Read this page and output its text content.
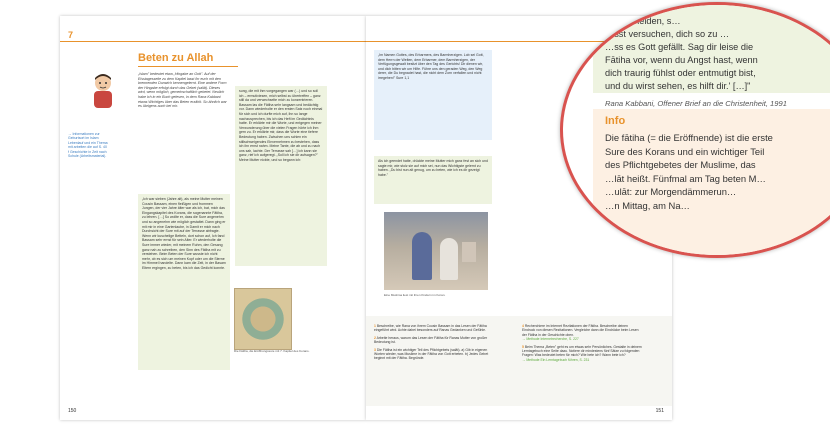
7
Beten zu Allah
„Islam" bedeutet etwa „Hingabe an Gott". Auf der Eisstagesseite zu dem Kapitel lasst ihr euch mit den brennenden Dunwich kennengelernt. Eine andere Form der Hingabe erfolgt durch das Gebet (salāt). Dieses wird, wenn möglich, gemeinschaftlich gebetet. Neulich habe ich in ein Buch gelesen, in dem Rana Kabbani etwas Wichtiges über das Beten erzählt. So ähnlich war es übrigens auch bei mir.
→ Informationen zur Geburtsort im Islam Lebenlauf und ein Thema mit arbeiten die auf S. 40 f Geschichte in Zeit nach Schule (Arbeitsmaterial).

„Ich war sieben (Jahre alt), als meine Mutter meinen Cousin Bassam, einen fleißigen und frommen Jungen, der vier Jahre älter war als ich, bat, mich das Eingangskapitel des Korans, die sogenannte Fātiha, zu lehren. […] So wollte er, dass die Sure angenehm und so angenehm wie möglich gestaltet. Dann ging er mit mir in eine Gartenlaube, in Damit er mich nach Durchsicht der Sure mit auf der Terrasse abfragte. Wenn wir kuschelige Betteln, dort schon auf, Ich fand Bassam sehr ernst für sein Alter. Er wiederholte die Sure immer wieder, mit meinem Ruhm, den Gesang ganz nah zu schreiben, den Sinn des Fātiha mit zu verstehen. Beim Beten der Sure wusste ich nicht mehr, ob es sich um meinen Kopf oder um die Sterne im Himmel handelte. Dann kam die Zeit, in der Basam Eltern ergingen, zu beten, bis ich das Gedicht konnte.

sung, die mit ihm vorgegangen war (…) und so soll ich – ermutiviesen, mich selbst zu übertreffen – ganz still da und verwechselte mich zu konzentrieren. Bassam las die Fātiha sehr langsam und bedächtig vor. Dann wiederholte er den ersten Satz noch einmal für sich und ich durfte mich auf, ihn so lange nachzusprechen, bis ich das Heft im Gedächtnis hatte. Er erklärte mir die Worte, und entgegen meiner Verwunderung über die vielen Fragen hörte ich ihm gern zu. Er erklärte mir, dass die Worte eine tiefere Bedeutung haben. Zwischen uns schien ein stillschweigendes Einvernehmen zu bestehen, dass ich ihn ernst nahm. Meine Tante, die ab und zu nach uns sah, lachte. Der Terrasse sah […] ich kann sie ganz, rief ich aufgeregt. „Soll ich sie dir aufsagen?" Meine Mutter nickte, und so begann ich:

Die Fātiha, die Eröffnungssure mit 7. Kapitel des Korans.
150

„Im Namen Gottes, des Erbarmers, des Barmherzigen. Lob sei Gott, dem Herrn der Welten, dem Erbarmer, dem Barmherzigen, der Verfügungsgewalt besitzt über den Tag des Gerichts! Dir dienen wir, und dich bitten wir um Hilfe. Führe uns den geraden Weg, den Weg derer, die Du begnadet hast, die nicht dem Zorn verfallen und nicht irregehen!" Sure 1,1

Als ich geendet hatte, drückte meine Mutter mich ganz fest an sich und sagte mir, wie stolz sie auf mich sei, nun das Wichtigste gelernt zu haben. „Du bist nun alt genug, um zu beten, wie ich es dir gezeigt habe."

Eine Muslima liest mit ihren Kindern im Koran.
1 Beschreibe, wie Rana von ihrem Cousin Bassam in das Lesen der Fātiha eingeführt wird. Achte dabei besonders auf Ranas Gedanken und Gefühle.
2 Arbeite heraus, warum das Lesen der Fātiha für Ranas Mutter von großer Bedeutung ist.
3 Die Fātiha ist ein wichtiger Teil des Pflichtgebets (salāt). a) Gib in eigenen Worten wieder, was Muslime in der Fātiha von Gott erbeten. b) Jedes Gebet beginnt mit der Fātiha. Begründe.
4 Recherchiere im Internet Rezitationen der Fātiha. Beschreibe deinen Eindruck von diesen Rezitationen. Vergleiche dann die Eindrücke beim Lesen der Fātiha in der Geschichte oben.
→ Methode Internetrecherche, S. 227
5 Beim Thema „Beten" geht es um etwas sehr Persönliches. Gestalte in deinem Lerntagebuch eine Seite dazu. Notiere dir mindestens fünf Sätze zu folgenden Fragen: Was bedeutet beten für mich? Wie bete ich? Wann bete ich?
→ Methode Ein Lerntagebuch führen, S. 231
151
… erscheiden, s…
…sst versuchen, dich so zu …
…ss es Gott gefällt. Sag dir leise die
Fātiha vor, wenn du Angst hast, wenn
dich traurig fühlst oder entmutigt bist,
und du wirst sehen, es hilft dir.' […]"
Rana Kabbani, Offener Brief an die Christenheit, 1991
Info

Die fātiha (= die Eröffnende) ist die erste

Sure des Korans und ein wichtiger Teil

des Pflichtgebetes der Muslime, das

…lāt heißt. Fünfmal am Tag beten M…

…ulāt: zur Morgendämmerun…

…n Mittag, am Na…
